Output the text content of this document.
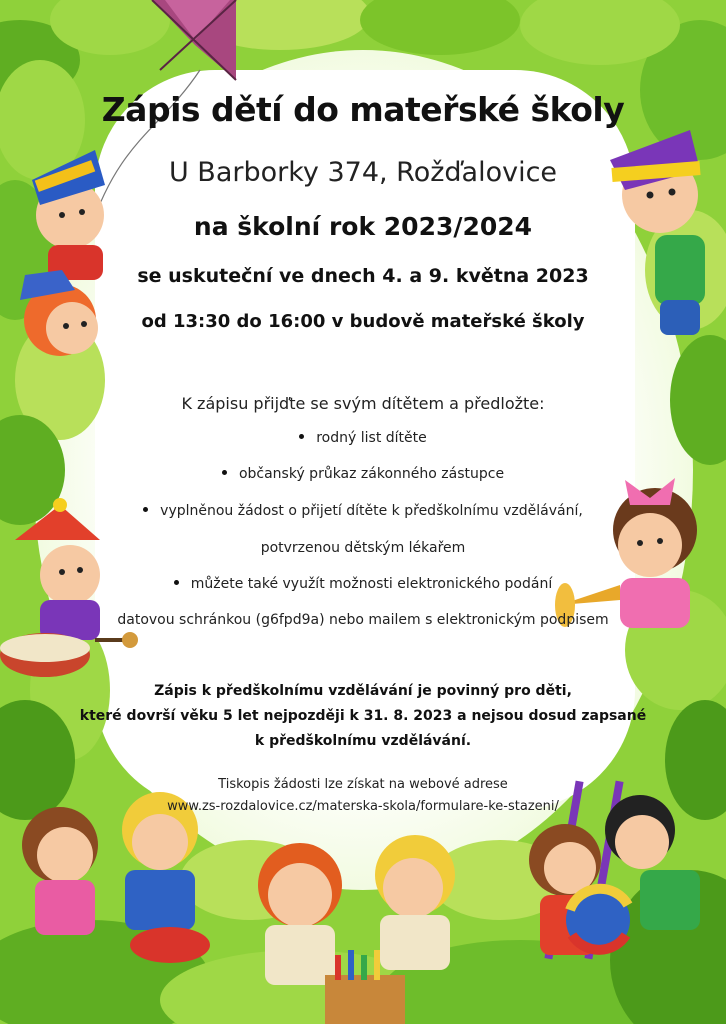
Zápis dětí do mateřské školy
U Barborky 374, Rožďalovice
na školní rok 2023/2024
se uskuteční ve dnech 4. a 9. května 2023
od 13:30 do 16:00 v budově mateřské školy
K zápisu přijďte se svým dítětem a předložte:
rodný list dítěte
občanský průkaz zákonného zástupce
vyplněnou žádost o přijetí dítěte k předškolnímu vzdělávání,
potvrzenou dětským lékařem
můžete také využít možnosti elektronického podání
datovou schránkou (g6fpd9a) nebo mailem s elektronickým podpisem
Zápis k předškolnímu vzdělávání je povinný pro děti,
které dovrší věku 5 let nejpozději k 31. 8. 2023 a nejsou dosud zapsané
k předškolnímu vzdělávání.
Tiskopis žádosti lze získat na webové adrese
www.zs-rozdalovice.cz/materska-skola/formulare-ke-stazeni/
